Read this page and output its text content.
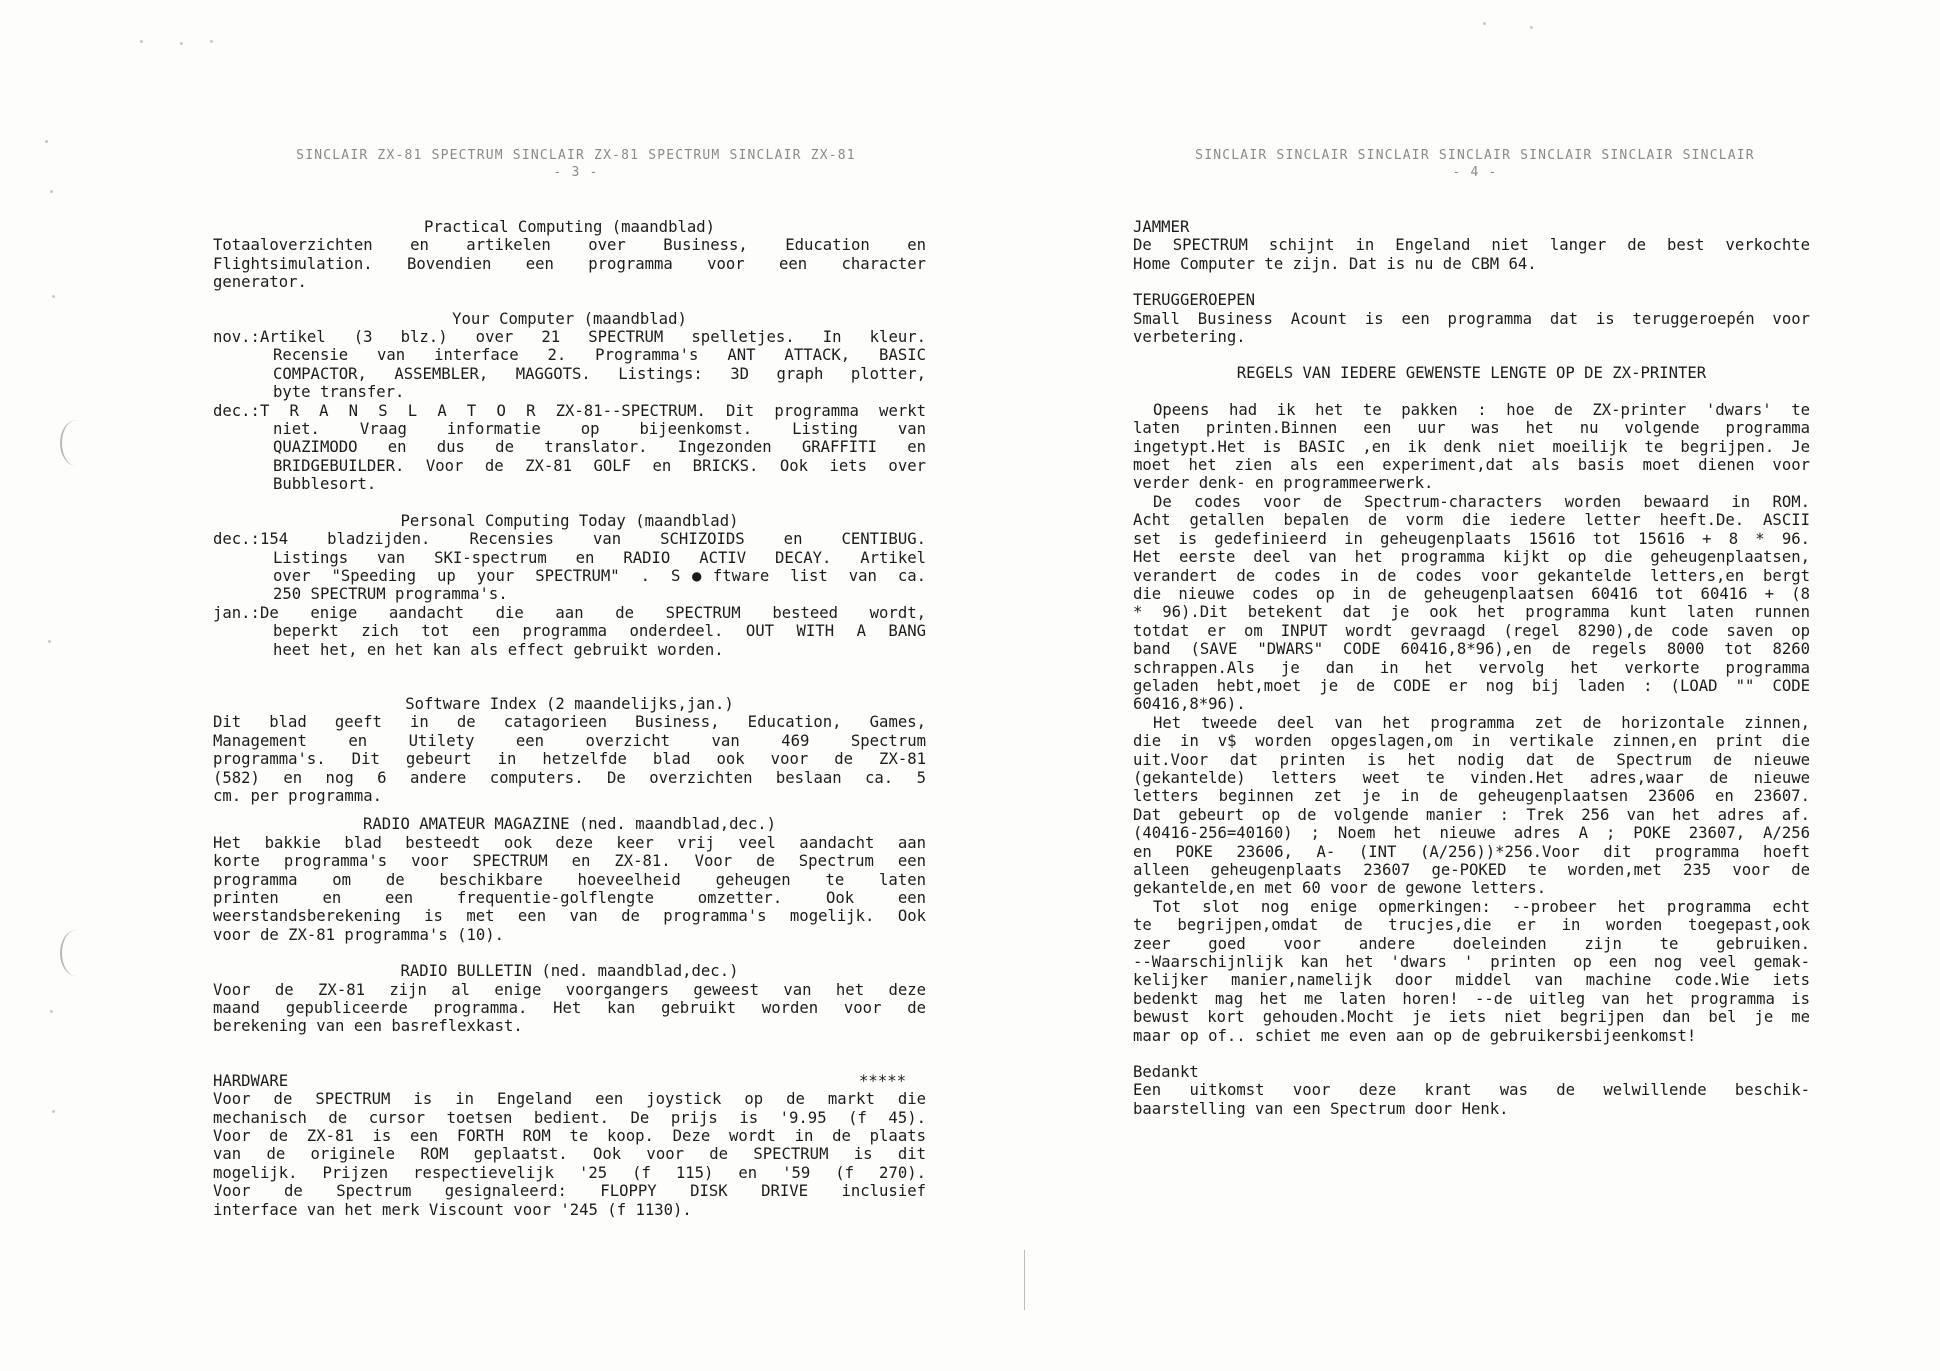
SINCLAIR ZX-81 SPECTRUM SINCLAIR ZX-81 SPECTRUM SINCLAIR ZX-81
- 3 -
Practical Computing (maandblad)
Totaaloverzichten en artikelen over Business, Education en
Flightsimulation. Bovendien een programma voor een character
generator.
Your Computer (maandblad)
nov.:Artikel (3 blz.) over 21 SPECTRUM spelletjes. In kleur.
Recensie van interface 2. Programma's ANT ATTACK, BASIC
COMPACTOR, ASSEMBLER, MAGGOTS. Listings: 3D graph plotter,
byte transfer.
dec.:T R A N S L A T O R ZX-81--SPECTRUM. Dit programma werkt
niet. Vraag informatie op bijeenkomst. Listing van
QUAZIMODO en dus de translator. Ingezonden GRAFFITI en
BRIDGEBUILDER. Voor de ZX-81 GOLF en BRICKS. Ook iets over
Bubblesort.
Personal Computing Today (maandblad)
dec.:154 bladzijden. Recensies van SCHIZOIDS en CENTIBUG.
Listings van SKI-spectrum en RADIO ACTIV DECAY. Artikel
over "Speeding up your SPECTRUM" . S●ftware list van ca.
250 SPECTRUM programma's.
jan.:De enige aandacht die aan de SPECTRUM besteed wordt,
beperkt zich tot een programma onderdeel. OUT WITH A BANG
heet het, en het kan als effect gebruikt worden.
Software Index (2 maandelijks,jan.)
Dit blad geeft in de catagorieen Business, Education, Games,
Management en Utilety een overzicht van 469 Spectrum
programma's. Dit gebeurt in hetzelfde blad ook voor de ZX-81
(582) en nog 6 andere computers. De overzichten beslaan ca. 5
cm. per programma.
RADIO AMATEUR MAGAZINE (ned. maandblad,dec.)
Het bakkie blad besteedt ook deze keer vrij veel aandacht aan
korte programma's voor SPECTRUM en ZX-81. Voor de Spectrum een
programma om de beschikbare hoeveelheid geheugen te laten
printen en een frequentie-golflengte omzetter. Ook een
weerstandsberekening is met een van de programma's mogelijk. Ook
voor de ZX-81 programma's (10).
RADIO BULLETIN (ned. maandblad,dec.)
Voor de ZX-81 zijn al enige voorgangers geweest van het deze
maand gepubliceerde programma. Het kan gebruikt worden voor de
berekening van een basreflexkast.
HARDWARE	*****
Voor de SPECTRUM is in Engeland een joystick op de markt die
mechanisch de cursor toetsen bedient. De prijs is '9.95 (f 45).
Voor de ZX-81 is een FORTH ROM te koop. Deze wordt in de plaats
van de originele ROM geplaatst. Ook voor de SPECTRUM is dit
mogelijk. Prijzen respectievelijk '25 (f 115) en '59 (f 270).
Voor de Spectrum gesignaleerd: FLOPPY DISK DRIVE inclusief
interface van het merk Viscount voor '245 (f 1130).
SINCLAIR SINCLAIR SINCLAIR SINCLAIR SINCLAIR SINCLAIR SINCLAIR
- 4 -
JAMMER
De SPECTRUM schijnt in Engeland niet langer de best verkochte
Home Computer te zijn. Dat is nu de CBM 64.
TERUGGEROEPEN
Small Business Acount is een programma dat is teruggeroepén voor
verbetering.
REGELS VAN IEDERE GEWENSTE LENGTE OP DE ZX-PRINTER
Opeens had ik het te pakken : hoe de ZX-printer 'dwars' te
laten printen.Binnen een uur was het nu volgende programma
ingetypt.Het is BASIC ,en ik denk niet moeilijk te begrijpen. Je
moet het zien als een experiment,dat als basis moet dienen voor
verder denk- en programmeerwerk.
De codes voor de Spectrum-characters worden bewaard in ROM.
Acht getallen bepalen de vorm die iedere letter heeft.De. ASCII
set is gedefinieerd in geheugenplaats 15616 tot 15616 + 8 * 96.
Het eerste deel van het programma kijkt op die geheugenplaatsen,
verandert de codes in de codes voor gekantelde letters,en bergt
die nieuwe codes op in de geheugenplaatsen 60416 tot 60416 + (8
* 96).Dit betekent dat je ook het programma kunt laten runnen
totdat er om INPUT wordt gevraagd (regel 8290),de code saven op
band (SAVE "DWARS" CODE 60416,8*96),en de regels 8000 tot 8260
schrappen.Als je dan in het vervolg het verkorte programma
geladen hebt,moet je de CODE er nog bij laden : (LOAD "" CODE
60416,8*96).
Het tweede deel van het programma zet de horizontale zinnen,
die in v$ worden opgeslagen,om in vertikale zinnen,en print die
uit.Voor dat printen is het nodig dat de Spectrum de nieuwe
(gekantelde) letters weet te vinden.Het adres,waar de nieuwe
letters beginnen zet je in de geheugenplaatsen 23606 en 23607.
Dat gebeurt op de volgende manier : Trek 256 van het adres af.
(40416-256=40160) ; Noem het nieuwe adres A ; POKE 23607, A/256
en POKE 23606, A- (INT (A/256))*256.Voor dit programma hoeft
alleen geheugenplaats 23607 ge-POKED te worden,met 235 voor de
gekantelde,en met 60 voor de gewone letters.
Tot slot nog enige opmerkingen: --probeer het programma echt
te begrijpen,omdat de trucjes,die er in worden toegepast,ook
zeer goed voor andere doeleinden zijn te gebruiken.
--Waarschijnlijk kan het 'dwars ' printen op een nog veel gemak-
kelijker manier,namelijk door middel van machine code.Wie iets
bedenkt mag het me laten horen! --de uitleg van het programma is
bewust kort gehouden.Mocht je iets niet begrijpen dan bel je me
maar op of.. schiet me even aan op de gebruikersbijeenkomst!
Bedankt
Een uitkomst voor deze krant was de welwillende beschik-
baarstelling van een Spectrum door Henk.
